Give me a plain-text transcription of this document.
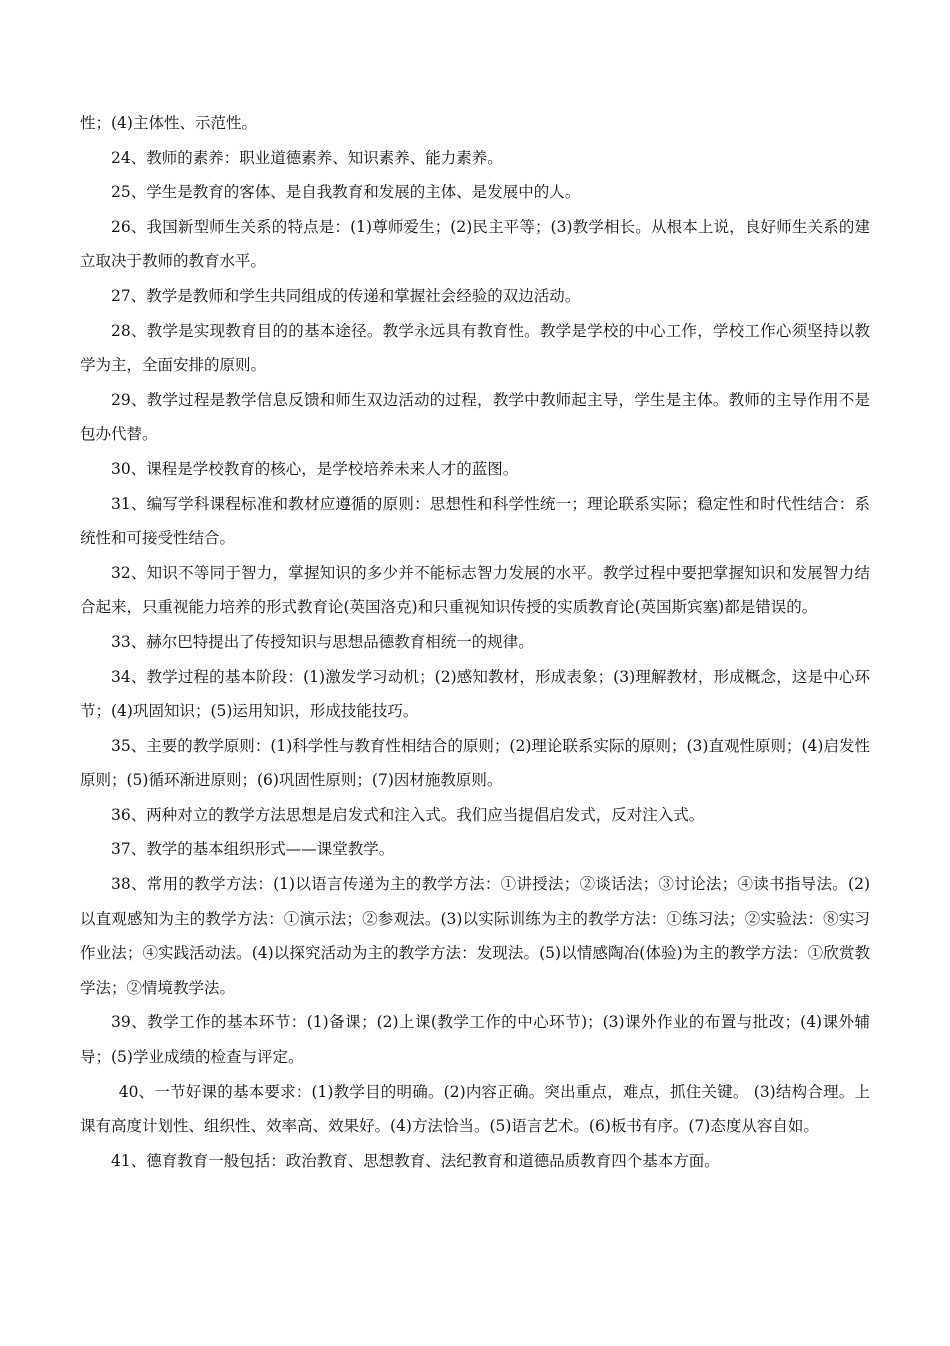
性；(4)主体性、示范性。

24、教师的素养：职业道德素养、知识素养、能力素养。

25、学生是教育的客体、是自我教育和发展的主体、是发展中的人。

26、我国新型师生关系的特点是：(1)尊师爱生；(2)民主平等；(3)教学相长。从根本上说，良好师生关系的建立取决于教师的教育水平。

27、教学是教师和学生共同组成的传递和掌握社会经验的双边活动。

28、教学是实现教育目的的基本途径。教学永远具有教育性。教学是学校的中心工作，学校工作心须坚持以教学为主，全面安排的原则。

29、教学过程是教学信息反馈和师生双边活动的过程，教学中教师起主导，学生是主体。教师的主导作用不是包办代替。

30、课程是学校教育的核心，是学校培养未来人才的蓝图。

31、编写学科课程标准和教材应遵循的原则：思想性和科学性统一；理论联系实际；稳定性和时代性结合：系统性和可接受性结合。

32、知识不等同于智力，掌握知识的多少并不能标志智力发展的水平。教学过程中要把掌握知识和发展智力结合起来，只重视能力培养的形式教育论(英国洛克)和只重视知识传授的实质教育论(英国斯宾塞)都是错误的。

33、赫尔巴特提出了传授知识与思想品德教育相统一的规律。

34、教学过程的基本阶段：(1)激发学习动机；(2)感知教材，形成表象；(3)理解教材，形成概念，这是中心环节；(4)巩固知识；(5)运用知识，形成技能技巧。

35、主要的教学原则：(1)科学性与教育性相结合的原则；(2)理论联系实际的原则；(3)直观性原则；(4)启发性原则；(5)循环渐进原则；(6)巩固性原则；(7)因材施教原则。

36、两种对立的教学方法思想是启发式和注入式。我们应当提倡启发式，反对注入式。

37、教学的基本组织形式——课堂教学。

38、常用的教学方法：(1)以语言传递为主的教学方法：①讲授法；②谈话法；③讨论法；④读书指导法。(2)以直观感知为主的教学方法：①演示法；②参观法。(3)以实际训练为主的教学方法：①练习法；②实验法：⑧实习作业法；④实践活动法。(4)以探究活动为主的教学方法：发现法。(5)以情感陶冶(体验)为主的教学方法：①欣赏教学法；②情境教学法。

39、教学工作的基本环节：(1)备课；(2)上课(教学工作的中心环节)；(3)课外作业的布置与批改；(4)课外辅导；(5)学业成绩的检查与评定。

40、一节好课的基本要求：(1)教学目的明确。(2)内容正确。突出重点，难点，抓住关键。 (3)结构合理。上课有高度计划性、组织性、效率高、效果好。(4)方法恰当。(5)语言艺术。(6)板书有序。(7)态度从容自如。

41、德育教育一般包括：政治教育、思想教育、法纪教育和道德品质教育四个基本方面。
